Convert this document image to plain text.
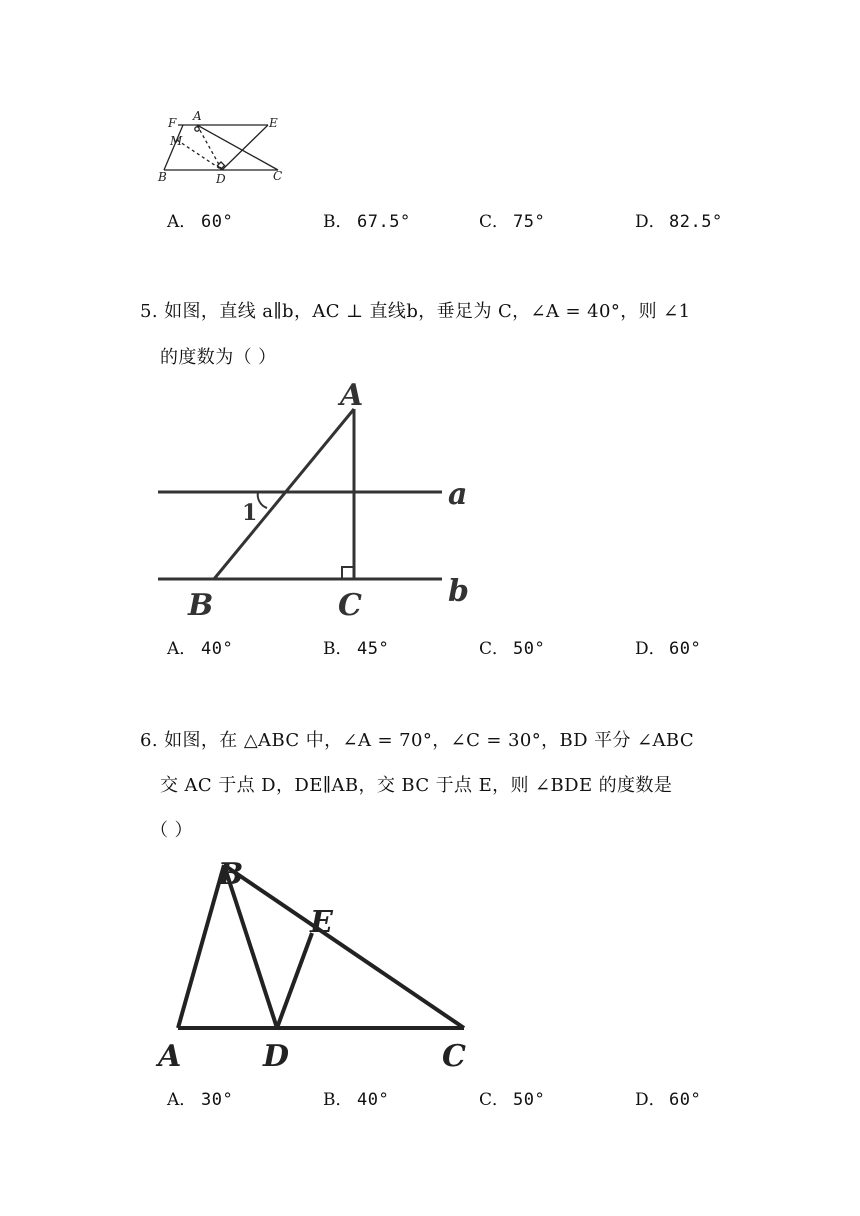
F A	E
M
B	D	C
A． 60°	B． 67.5°	C． 75°	D． 82.5°
5. 如图，直线 a∥b，AC ⊥ 直线b，垂足为 C，∠A = 40°，则 ∠1
的度数为（ ）
A
a
1
B	C	b
A． 40°	B． 45°	C． 50°	D． 60°
6. 如图，在 △ABC 中，∠A = 70°，∠C = 30°，BD 平分 ∠ABC
交 AC 于点 D，DE∥AB，交 BC 于点 E，则 ∠BDE 的度数是
（ ）
B
E
A	D	C
A． 30°	B． 40°	C． 50°	D． 60°
